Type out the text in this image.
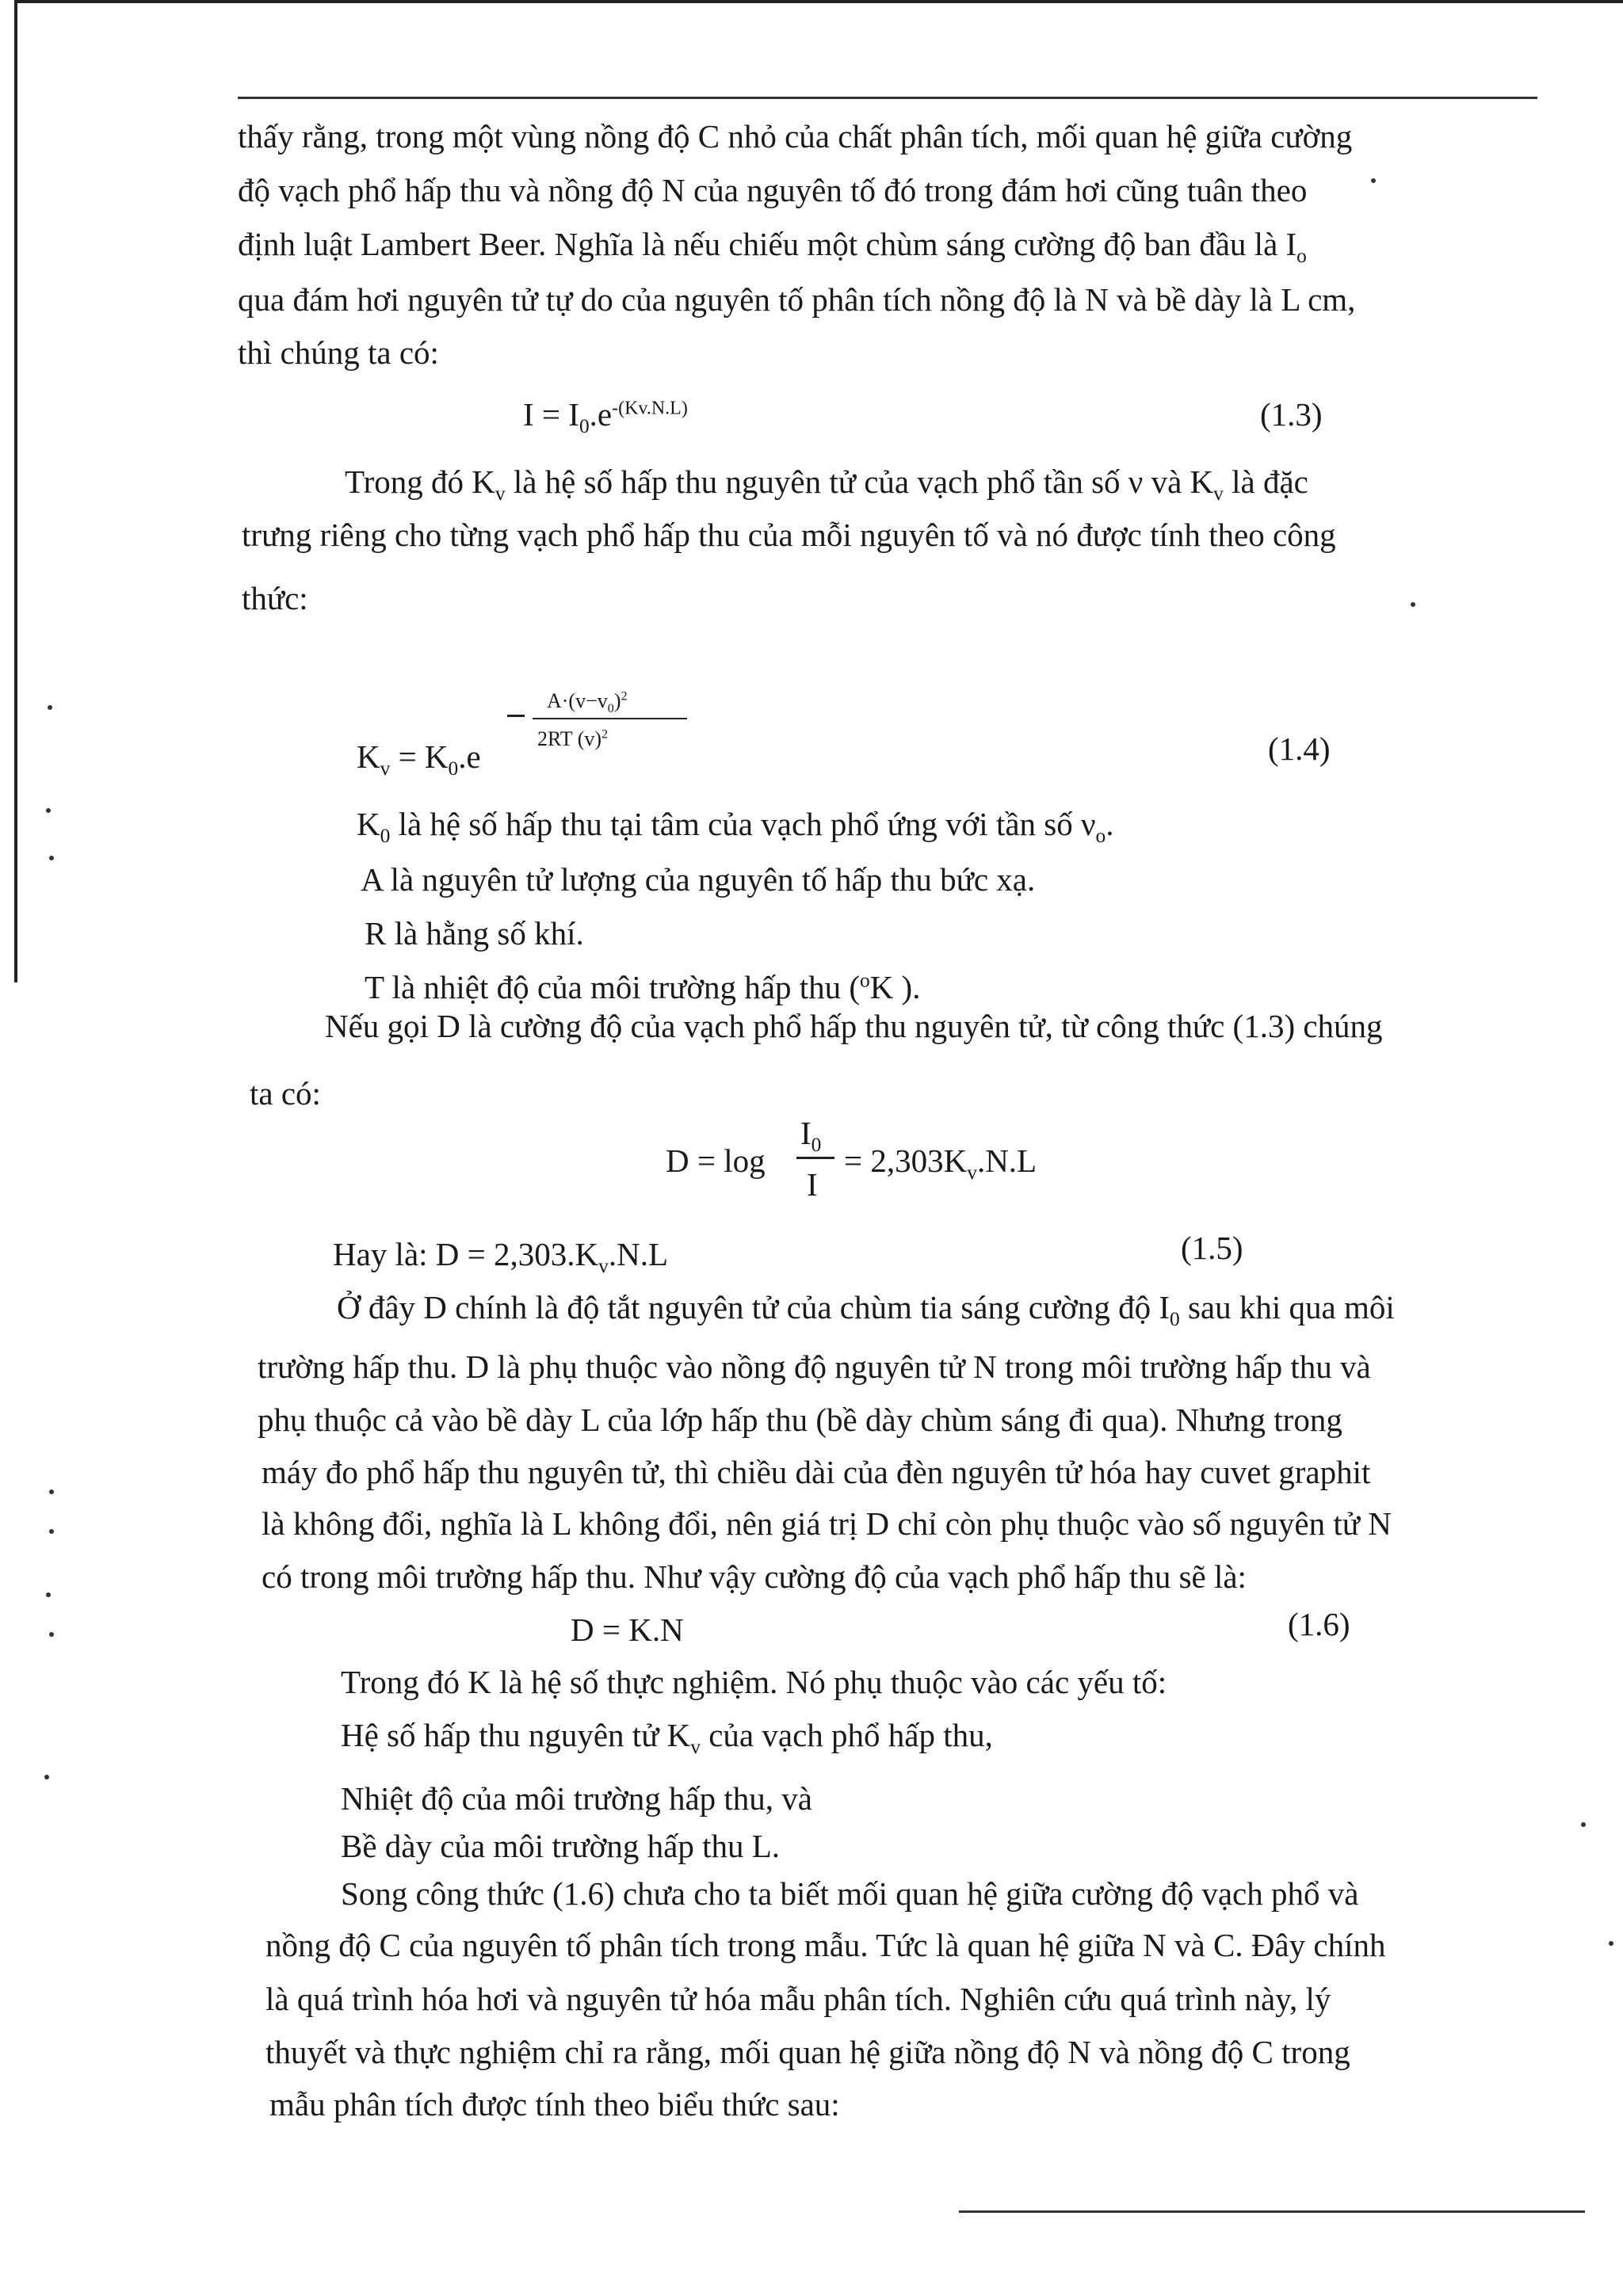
thấy rằng, trong một vùng nồng độ C nhỏ của chất phân tích, mối quan hệ giữa cường
độ vạch phổ hấp thu và nồng độ N của nguyên tố đó trong đám hơi cũng tuân theo
định luật Lambert Beer. Nghĩa là nếu chiếu một chùm sáng cường độ ban đầu là $I_o$
qua đám hơi nguyên tử tự do của nguyên tố phân tích nồng độ là N và bề dày là L cm,
thì chúng ta có:
$I = I_0.e^{-(Kv.N.L)}$	(1.3)
Trong đó $K_v$ là hệ số hấp thu nguyên tử của vạch phổ tần số ν và $K_v$ là đặc
trưng riêng cho từng vạch phổ hấp thu của mỗi nguyên tố và nó được tính theo công
thức:
$K_v = K_0.e$
$A\cdot(v-v_0)^2$
2RT $(v)^2$	(1.4)
$K_0$ là hệ số hấp thu tại tâm của vạch phổ ứng với tần số $\nu_o$.
A là nguyên tử lượng của nguyên tố hấp thu bức xạ.
R là hằng số khí.
T là nhiệt độ của môi trường hấp thu ($^o$K ).
Nếu gọi D là cường độ của vạch phổ hấp thu nguyên tử, từ công thức (1.3) chúng
ta có:
D = log
$I_0$
I
= $2,303K_v.N.L$
Hay là: $D = 2,303.K_v.N.L$	(1.5)
Ở đây D chính là độ tắt nguyên tử của chùm tia sáng cường độ $I_0$ sau khi qua môi
trường hấp thu. D là phụ thuộc vào nồng độ nguyên tử N trong môi trường hấp thu và
phụ thuộc cả vào bề dày L của lớp hấp thu (bề dày chùm sáng đi qua). Nhưng trong
máy đo phổ hấp thu nguyên tử, thì chiều dài của đèn nguyên tử hóa hay cuvet graphit
là không đổi, nghĩa là L không đổi, nên giá trị D chỉ còn phụ thuộc vào số nguyên tử N
có trong môi trường hấp thu. Như vậy cường độ của vạch phổ hấp thu sẽ là:
D = K.N	(1.6)
Trong đó K là hệ số thực nghiệm. Nó phụ thuộc vào các yếu tố:
Hệ số hấp thu nguyên tử $K_v$ của vạch phổ hấp thu,
Nhiệt độ của môi trường hấp thu, và
Bề dày của môi trường hấp thu L.
Song công thức (1.6) chưa cho ta biết mối quan hệ giữa cường độ vạch phổ và
nồng độ C của nguyên tố phân tích trong mẫu. Tức là quan hệ giữa N và C. Đây chính
là quá trình hóa hơi và nguyên tử hóa mẫu phân tích. Nghiên cứu quá trình này, lý
thuyết và thực nghiệm chỉ ra rằng, mối quan hệ giữa nồng độ N và nồng độ C trong
mẫu phân tích được tính theo biểu thức sau:
